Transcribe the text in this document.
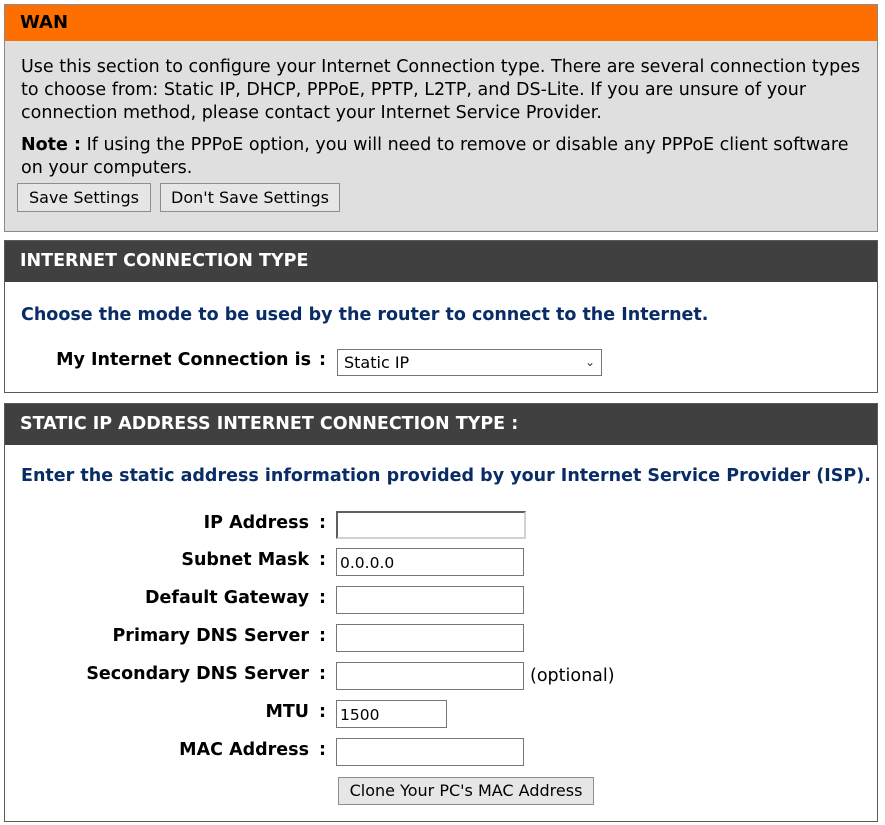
WAN
Use this section to configure your Internet Connection type. There are several connection types to choose from: Static IP, DHCP, PPPoE, PPTP, L2TP, and DS-Lite. If you are unsure of your connection method, please contact your Internet Service Provider.
Note : If using the PPPoE option, you will need to remove or disable any PPPoE client software on your computers.
Save Settings	Don't Save Settings
INTERNET CONNECTION TYPE
Choose the mode to be used by the router to connect to the Internet.
My Internet Connection is :	Static IP	⌄
STATIC IP ADDRESS INTERNET CONNECTION TYPE :
Enter the static address information provided by your Internet Service Provider (ISP).
IP Address :
Subnet Mask : 0.0.0.0
Default Gateway :
Primary DNS Server :
Secondary DNS Server :	(optional)
MTU : 1500
MAC Address :
Clone Your PC's MAC Address
